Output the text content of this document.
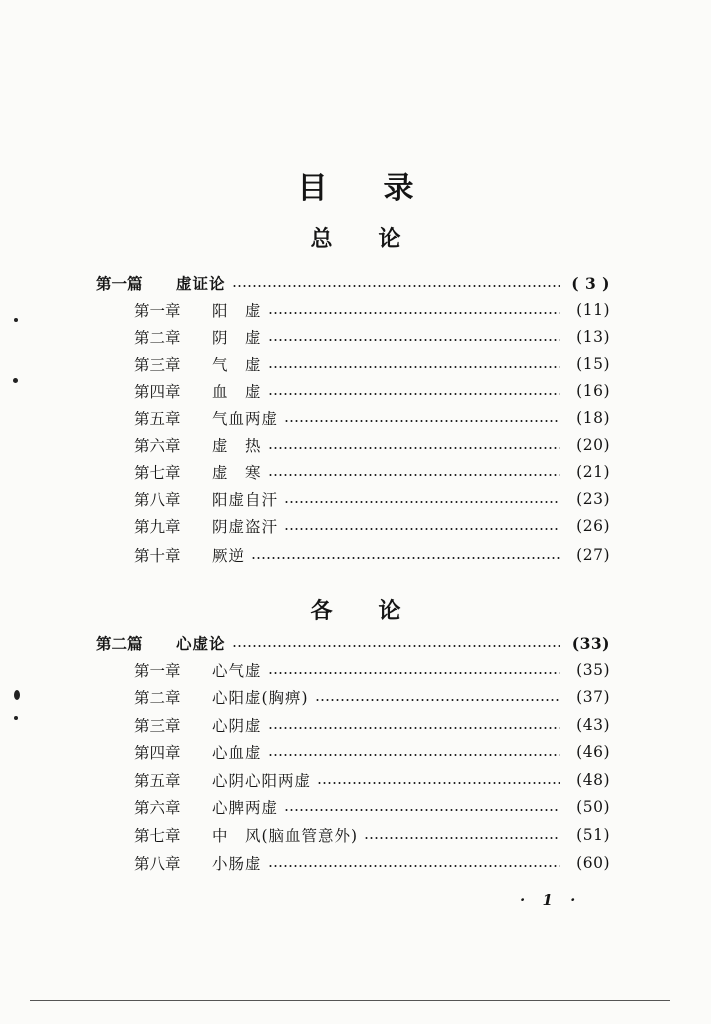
目 录
总 论
第一篇	虚证论	( 3 )
第一章	阳　虚	(11)
第二章	阴　虚	(13)
第三章	气　虚	(15)
第四章	血　虚	(16)
第五章	气血两虚	(18)
第六章	虚　热	(20)
第七章	虚　寒	(21)
第八章	阳虚自汗	(23)
第九章	阴虚盗汗	(26)
第十章	厥逆	(27)
各 论
第二篇	心虚论	(33)
第一章	心气虚	(35)
第二章	心阳虚(胸痹)	(37)
第三章	心阴虚	(43)
第四章	心血虚	(46)
第五章	心阴心阳两虚	(48)
第六章	心脾两虚	(50)
第七章	中　风(脑血管意外)	(51)
第八章	小肠虚	(60)
· 1 ·
